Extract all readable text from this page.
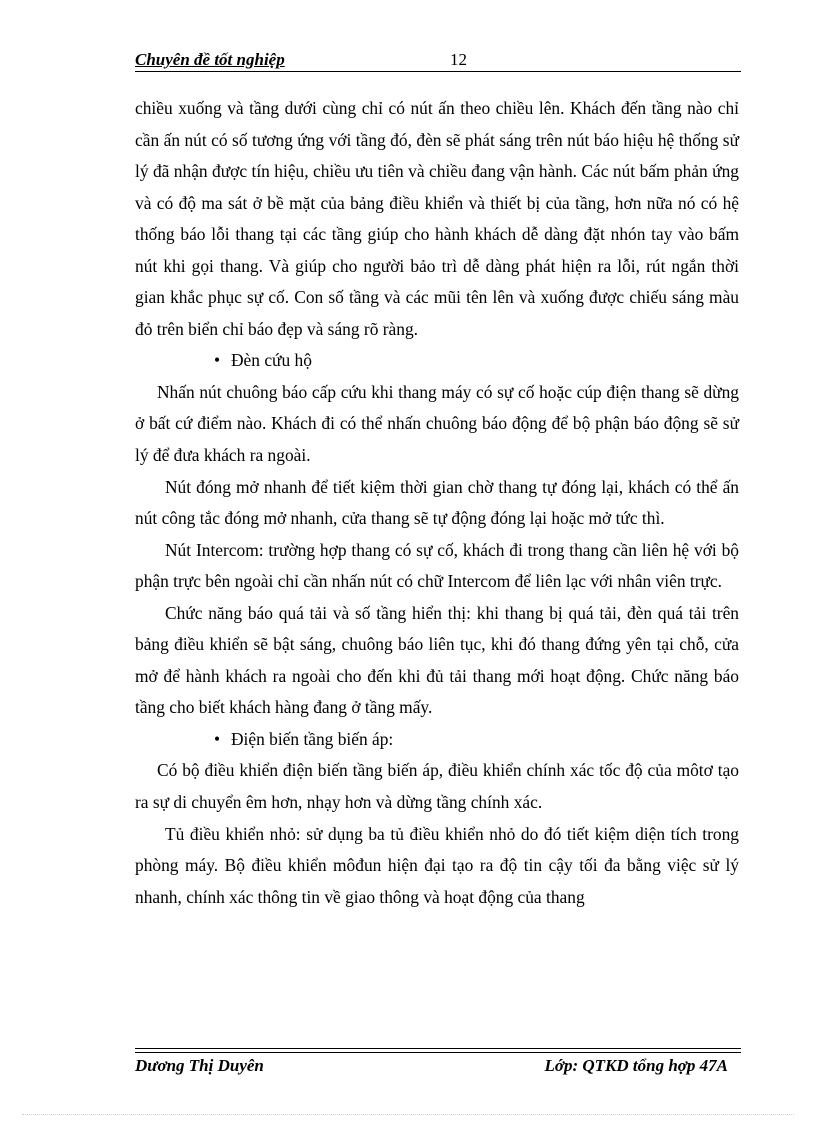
Chuyên đề tốt nghiệp	12

chiều xuống và tầng dưới cùng chỉ có nút ấn theo chiều lên. Khách đến tầng nào chỉ cần ấn nút có số tương ứng với tầng đó, đèn sẽ phát sáng trên nút báo hiệu hệ thống sử lý đã nhận được tín hiệu, chiều ưu tiên và chiều đang vận hành. Các nút bấm phản ứng và có độ ma sát ở bề mặt của bảng điều khiển và thiết bị của tầng, hơn nữa nó có hệ thống báo lỗi thang tại các tầng giúp cho hành khách dễ dàng đặt nhón tay vào bấm nút khi gọi thang. Và giúp cho người bảo trì dễ dàng phát hiện ra lỗi, rút ngắn thời gian khắc phục sự cố. Con số tầng và các mũi tên lên và xuống được chiếu sáng màu đỏ trên biển chỉ báo đẹp và sáng rõ ràng.

• Đèn cứu hộ

Nhấn nút chuông báo cấp cứu khi thang máy có sự cố hoặc cúp điện thang sẽ dừng ở bất cứ điểm nào. Khách đi có thể nhấn chuông báo động để bộ phận báo động sẽ sử lý để đưa khách ra ngoài.

Nút đóng mở nhanh để tiết kiệm thời gian chờ thang tự đóng lại, khách có thể ấn nút công tắc đóng mở nhanh, cửa thang sẽ tự động đóng lại hoặc mở tức thì.

Nút Intercom: trường hợp thang có sự cố, khách đi trong thang cần liên hệ với bộ phận trực bên ngoài chỉ cần nhấn nút có chữ Intercom để liên lạc với nhân viên trực.

Chức năng báo quá tải và số tầng hiển thị: khi thang bị quá tải, đèn quá tải trên bảng điều khiển sẽ bật sáng, chuông báo liên tục, khi đó thang đứng yên tại chỗ, cửa mở để hành khách ra ngoài cho đến khi đủ tải thang mới hoạt động. Chức năng báo tầng cho biết khách hàng đang ở tầng mấy.

• Điện biến tầng biến áp:

Có bộ điều khiển điện biến tầng biến áp, điều khiển chính xác tốc độ của môtơ tạo ra sự di chuyển êm hơn, nhạy hơn và dừng tầng chính xác.

Tủ điều khiển nhỏ: sử dụng ba tủ điều khiển nhỏ do đó tiết kiệm diện tích trong phòng máy. Bộ điều khiển môđun hiện đại tạo ra độ tin cậy tối đa bằng việc sử lý nhanh, chính xác thông tin về giao thông và hoạt động của thang

Dương Thị Duyên	Lớp: QTKD tổng hợp 47A
